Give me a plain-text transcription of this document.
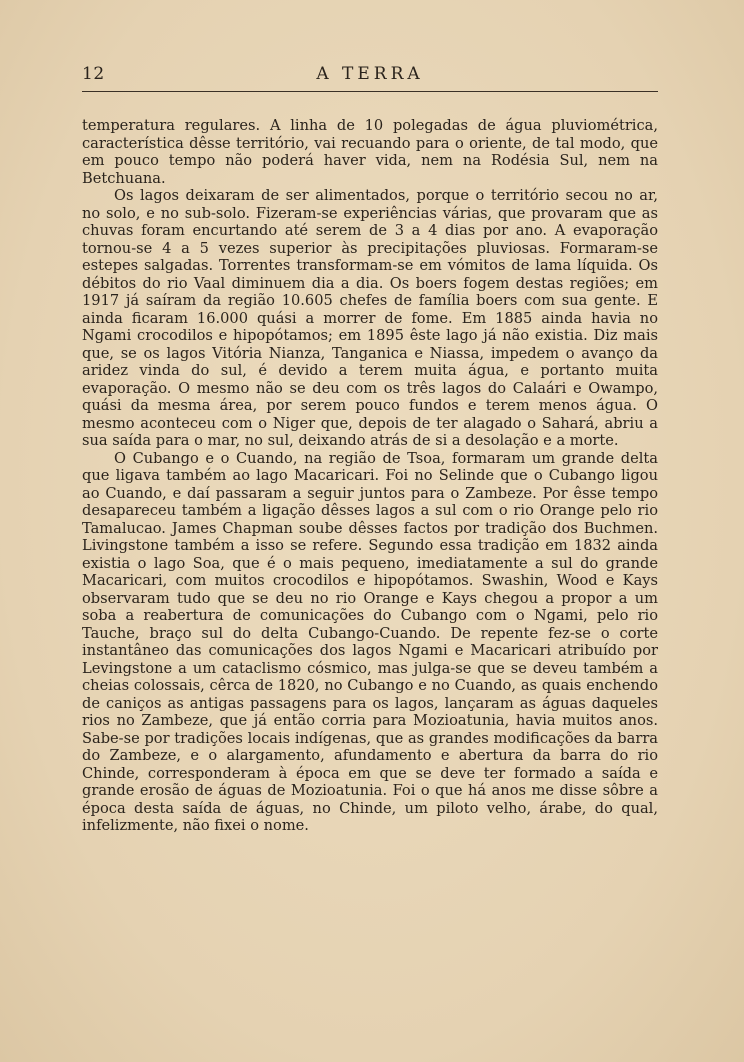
12	A TERRA

temperatura regulares. A linha de 10 polegadas de água pluviométrica, característica dêsse território, vai recuando para o oriente, de tal modo, que em pouco tempo não poderá haver vida, nem na Rodésia Sul, nem na Betchuana.

Os lagos deixaram de ser alimentados, porque o território secou no ar, no solo, e no sub-solo. Fizeram-se experiências várias, que provaram que as chuvas foram encurtando até serem de 3 a 4 dias por ano. A evaporação tornou-se 4 a 5 vezes superior às precipitações pluviosas. Formaram-se estepes salgadas. Torrentes transformam-se em vómitos de lama líquida. Os débitos do rio Vaal diminuem dia a dia. Os boers fogem destas regiões; em 1917 já saíram da região 10.605 chefes de família boers com sua gente. E ainda ficaram 16.000 quási a morrer de fome. Em 1885 ainda havia no Ngami crocodilos e hipopótamos; em 1895 êste lago já não existia. Diz mais que, se os lagos Vitória Nianza, Tanganica e Niassa, impedem o avanço da aridez vinda do sul, é devido a terem muita água, e portanto muita evaporação. O mesmo não se deu com os três lagos do Calaári e Owampo, quási da mesma área, por serem pouco fundos e terem menos água. O mesmo aconteceu com o Niger que, depois de ter alagado o Sahará, abriu a sua saída para o mar, no sul, deixando atrás de si a desolação e a morte.

O Cubango e o Cuando, na região de Tsoa, formaram um grande delta que ligava também ao lago Macaricari. Foi no Selinde que o Cubango ligou ao Cuando, e daí passaram a seguir juntos para o Zambeze. Por êsse tempo desapareceu também a ligação dêsses lagos a sul com o rio Orange pelo rio Tamalucao. James Chapman soube dêsses factos por tradição dos Buchmen. Livingstone também a isso se refere. Segundo essa tradição em 1832 ainda existia o lago Soa, que é o mais pequeno, imediatamente a sul do grande Macaricari, com muitos crocodilos e hipopótamos. Swashin, Wood e Kays observaram tudo que se deu no rio Orange e Kays chegou a propor a um soba a reabertura de comunicações do Cubango com o Ngami, pelo rio Tauche, braço sul do delta Cubango-Cuando. De repente fez-se o corte instantâneo das comunicações dos lagos Ngami e Macaricari atribuído por Levingstone a um cataclismo cósmico, mas julga-se que se deveu também a cheias colossais, cêrca de 1820, no Cubango e no Cuando, as quais enchendo de caniços as antigas passagens para os lagos, lançaram as águas daqueles rios no Zambeze, que já então corria para Mozioatunia, havia muitos anos. Sabe-se por tradições locais indígenas, que as grandes modificações da barra do Zambeze, e o alargamento, afundamento e abertura da barra do rio Chinde, corresponderam à época em que se deve ter formado a saída e grande erosão de águas de Mozioatunia. Foi o que há anos me disse sôbre a época desta saída de águas, no Chinde, um piloto velho, árabe, do qual, infelizmente, não fixei o nome.
